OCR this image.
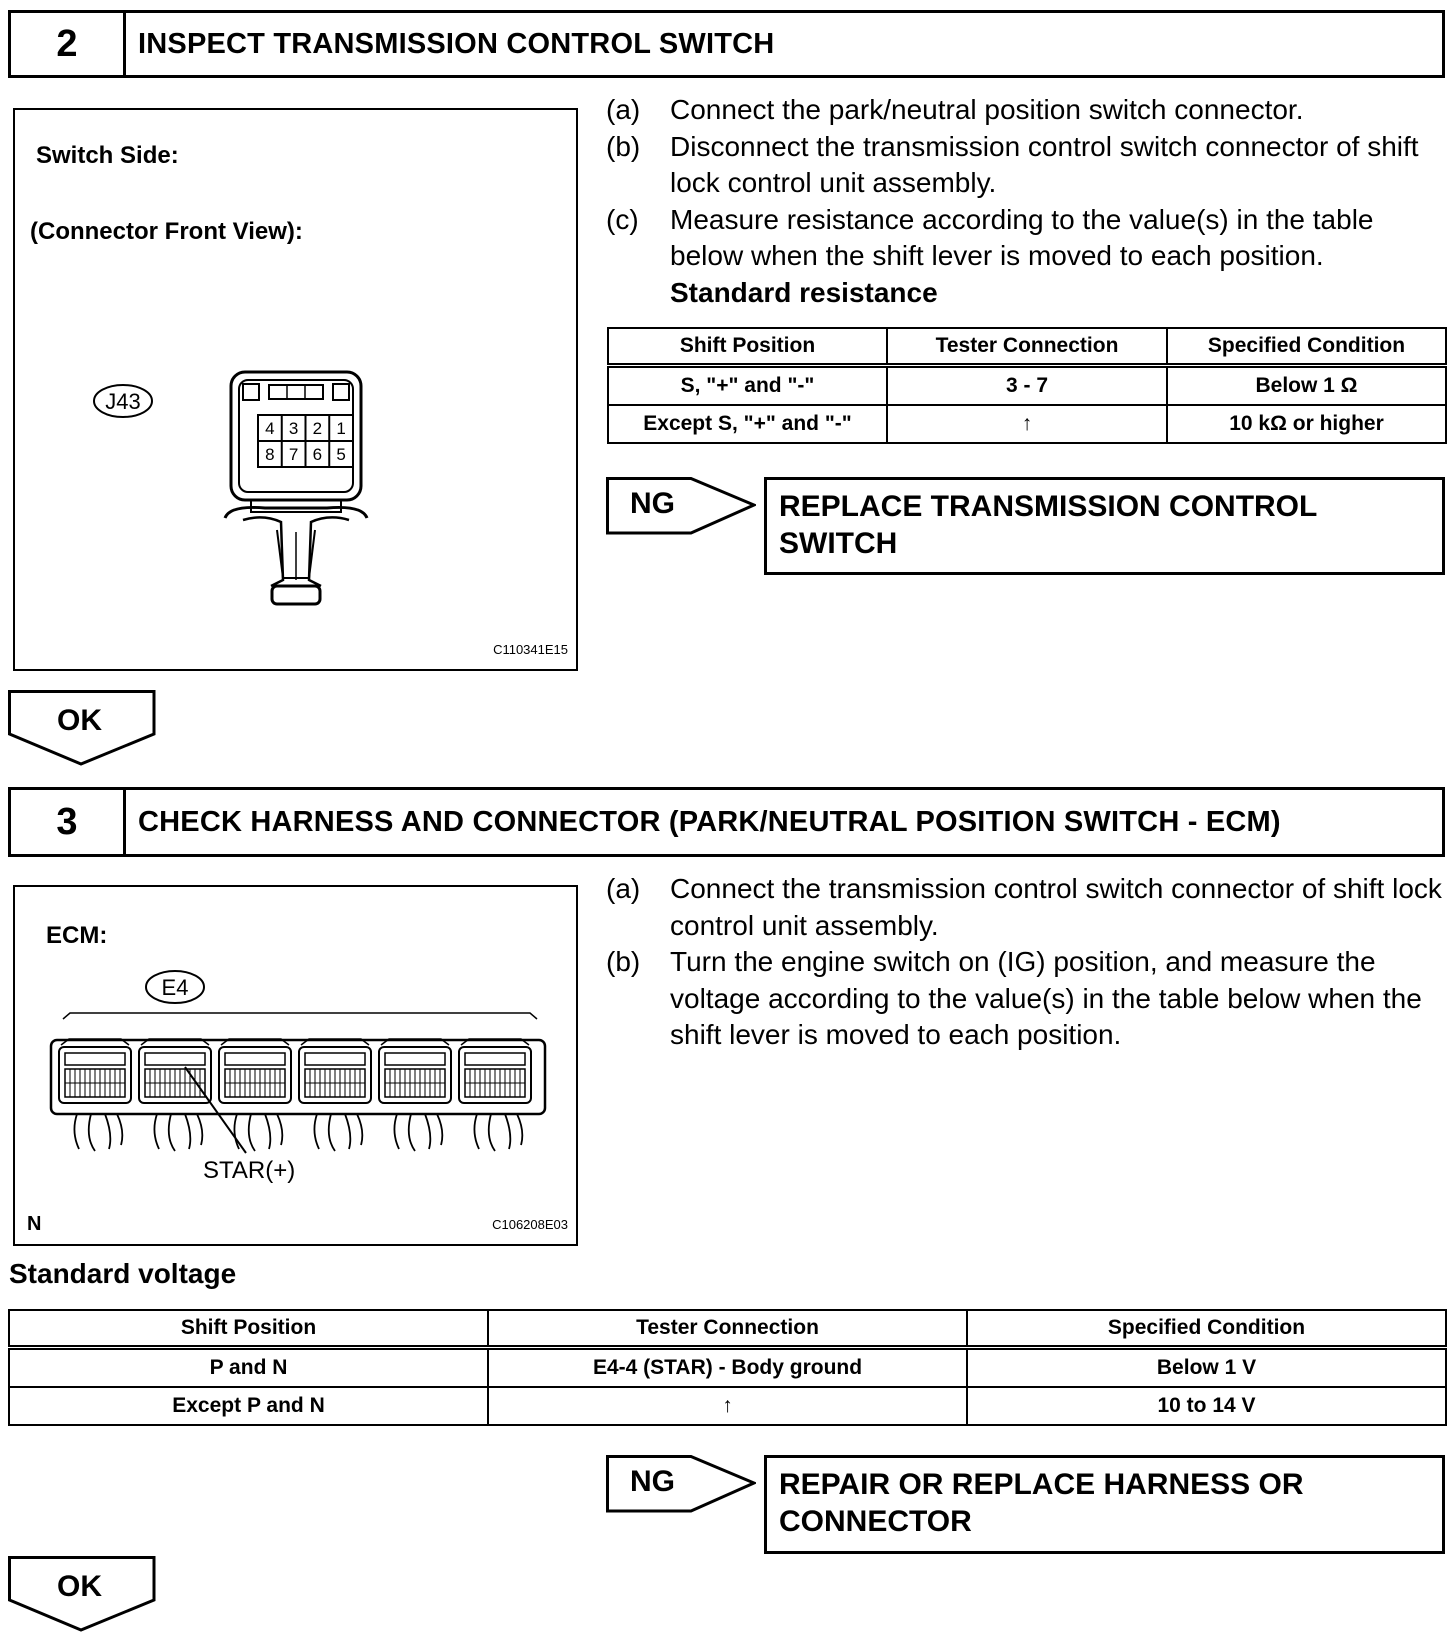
2	INSPECT TRANSMISSION CONTROL SWITCH
Switch Side:
(Connector Front View):
J43
4 3 2 1
8 7 6 5
C110341E15
(a)	Connect the park/neutral position switch connector.
(b)	Disconnect the transmission control switch connector of shift lock control unit assembly.
(c)	Measure resistance according to the value(s) in the table below when the shift lever is moved to each position.
Standard resistance
Shift Position	Tester Connection	Specified Condition
S, "+" and "-"	3 - 7	Below 1 Ω
Except S, "+" and "-"	↑	10 kΩ or higher
NG	REPLACE TRANSMISSION CONTROL SWITCH
OK
3	CHECK HARNESS AND CONNECTOR (PARK/NEUTRAL POSITION SWITCH - ECM)
ECM:
E4
STAR(+)
N	C106208E03
(a)	Connect the transmission control switch connector of shift lock control unit assembly.
(b)	Turn the engine switch on (IG) position, and measure the voltage according to the value(s) in the table below when the shift lever is moved to each position.
Standard voltage
Shift Position	Tester Connection	Specified Condition
P and N	E4-4 (STAR) - Body ground	Below 1 V
Except P and N	↑	10 to 14 V
NG	REPAIR OR REPLACE HARNESS OR CONNECTOR
OK
